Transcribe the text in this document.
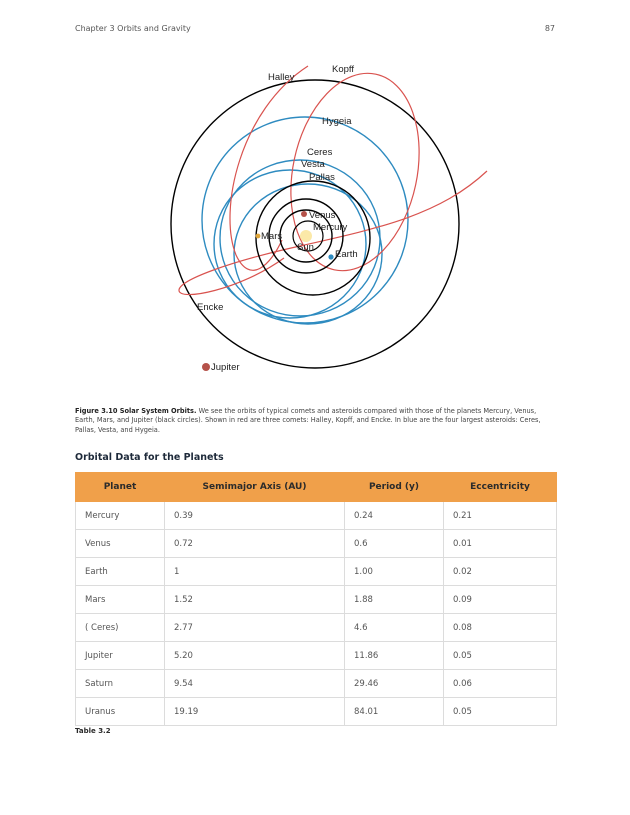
Chapter 3 Orbits and Gravity	87
Halley
Kopff
Hygeia
Ceres
Vesta
Pallas
Venus
Mercury
Mars
Sun
Earth
Encke
Jupiter
Figure 3.10 Solar System Orbits. We see the orbits of typical comets and asteroids compared with those of the planets Mercury, Venus, Earth, Mars, and Jupiter (black circles). Shown in red are three comets: Halley, Kopff, and Encke. In blue are the four largest asteroids: Ceres, Pallas, Vesta, and Hygeia.
Orbital Data for the Planets
Planet	Semimajor Axis (AU)	Period (y)	Eccentricity
Mercury	0.39	0.24	0.21
Venus	0.72	0.6	0.01
Earth	1	1.00	0.02
Mars	1.52	1.88	0.09
( Ceres)	2.77	4.6	0.08
Jupiter	5.20	11.86	0.05
Saturn	9.54	29.46	0.06
Uranus	19.19	84.01	0.05
Table 3.2
